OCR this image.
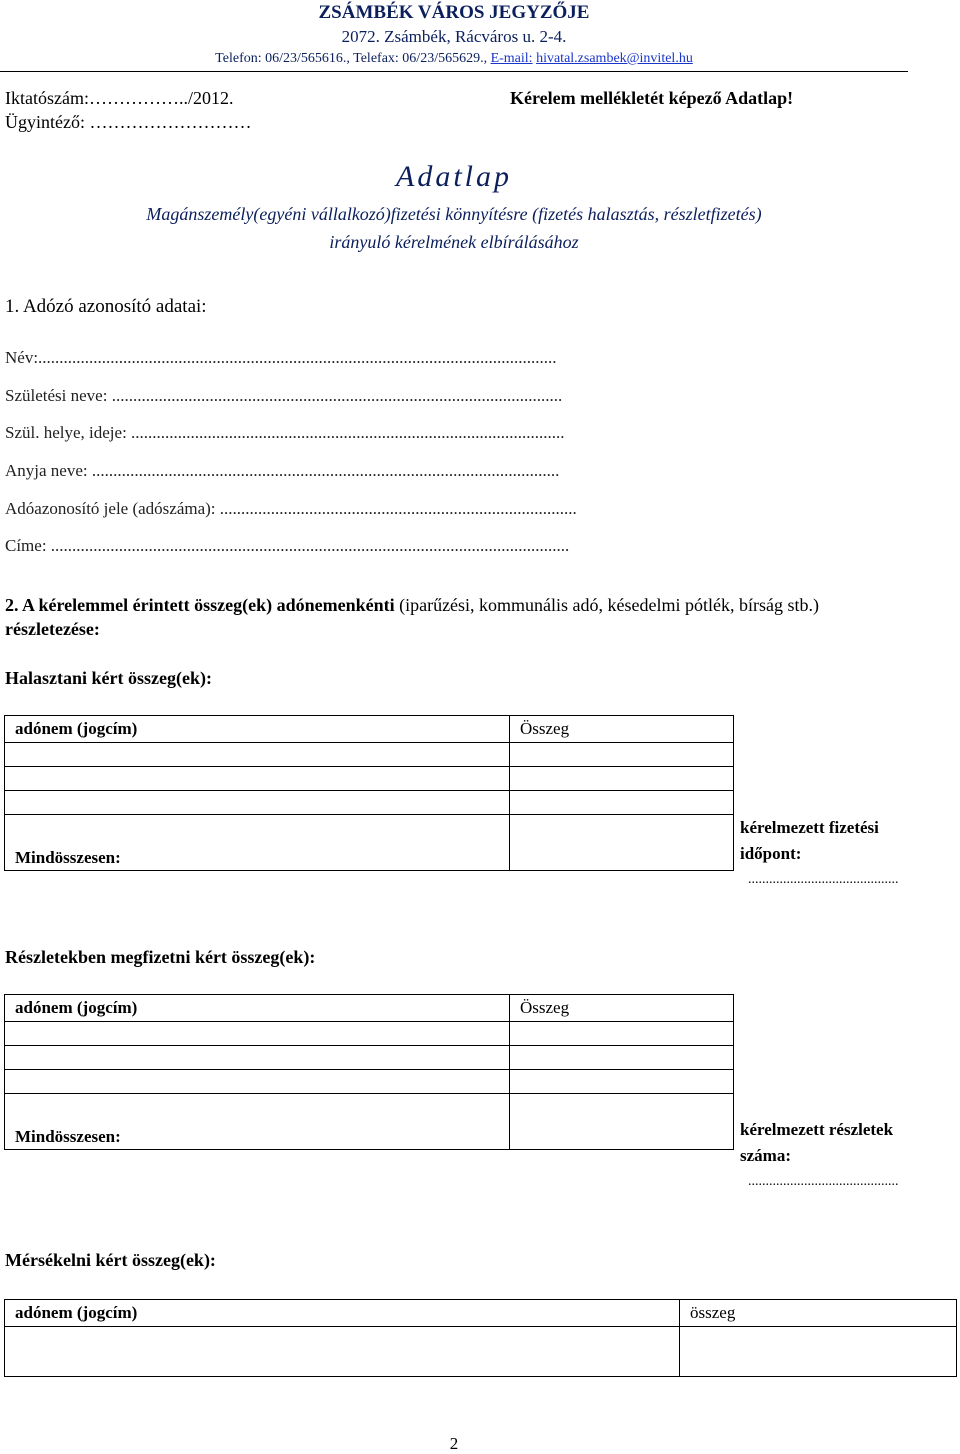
ZSÁMBÉK VÁROS JEGYZŐJE
2072. Zsámbék, Rácváros u. 2-4.
Telefon: 06/23/565616., Telefax: 06/23/565629., E-mail: hivatal.zsambek@invitel.hu
Iktatószám:……………../2012.
Ügyintéző: ………………………
Kérelem mellékletét képező Adatlap!
Adatlap
Magánszemély(egyéni vállalkozó)fizetési könnyítésre (fizetés halasztás, részletfizetés)
irányuló kérelmének elbírálásához
1. Adózó azonosító adatai:
Név:..........................................................................................................................
Születési neve: ..........................................................................................................
Szül. helye, ideje: ......................................................................................................
Anyja neve: ..............................................................................................................
Adóazonosító jele (adószáma): ....................................................................................
Címe: ..........................................................................................................................
2. A kérelemmel érintett összeg(ek) adónemenkénti (iparűzési, kommunális adó, késedelmi pótlék, bírság stb.) részletezése:
Halasztani kért összeg(ek):
adónem (jogcím)	Összeg

Mindösszesen:	
kérelmezett fizetési
időpont:
...........................................
Részletekben megfizetni kért összeg(ek):
adónem (jogcím)	Összeg

Mindösszesen:		kérelmezett részletek
száma:
...........................................
Mérsékelni kért összeg(ek):
adónem (jogcím)	összeg

2
